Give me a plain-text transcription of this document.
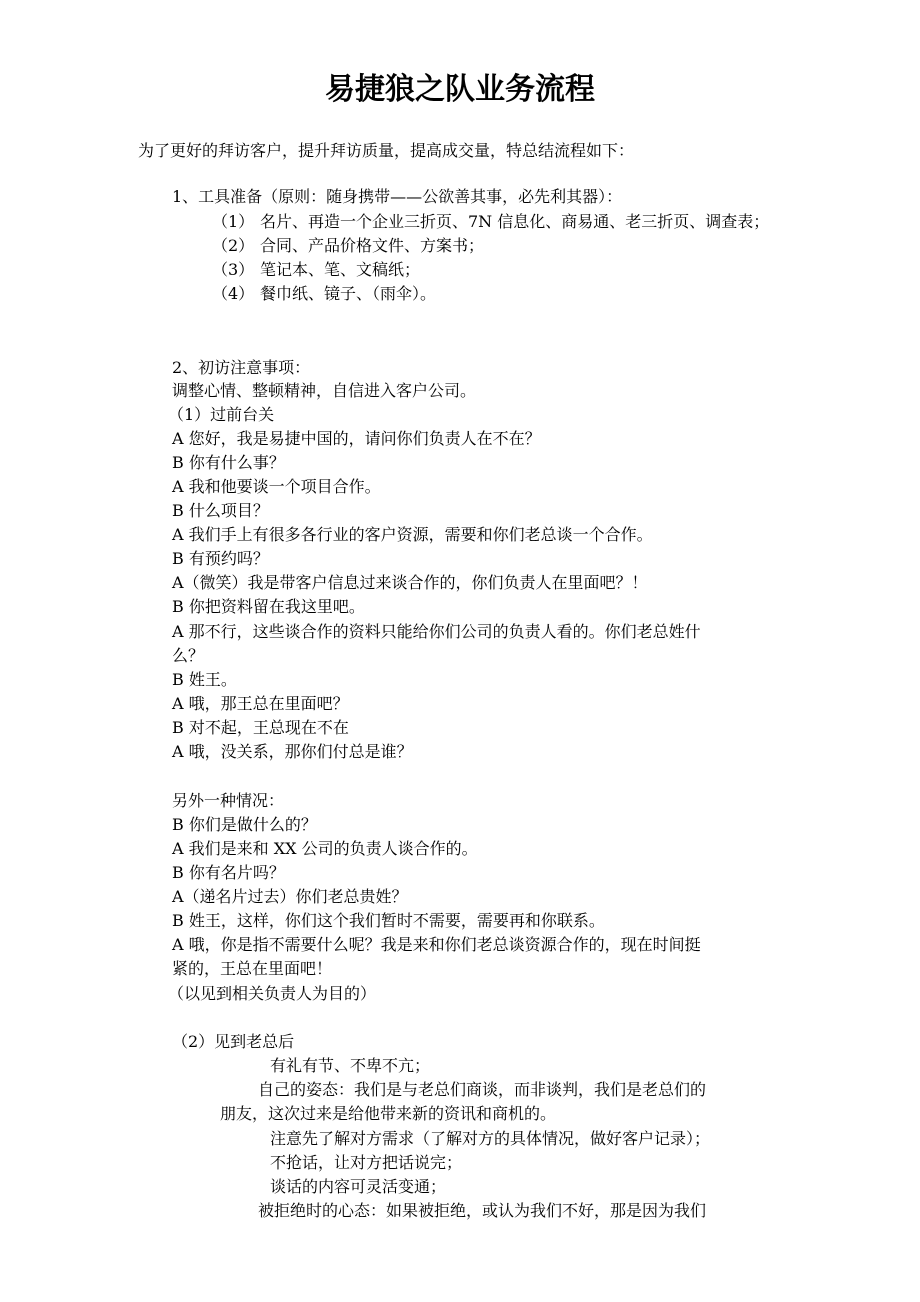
易捷狼之队业务流程

为了更好的拜访客户，提升拜访质量，提高成交量，特总结流程如下：

1、工具准备（原则：随身携带——公欲善其事，必先利其器）：

（1） 名片、再造一个企业三折页、7N 信息化、商易通、老三折页、调查表；
（2） 合同、产品价格文件、方案书；
（3） 笔记本、笔、文稿纸；
（4） 餐巾纸、镜子、（雨伞）。

2、初访注意事项：

调整心情、整顿精神，自信进入客户公司。

（1）过前台关

A 您好，我是易捷中国的，请问你们负责人在不在？

B 你有什么事？

A 我和他要谈一个项目合作。

B 什么项目？

A 我们手上有很多各行业的客户资源，需要和你们老总谈一个合作。

B 有预约吗？

A（微笑）我是带客户信息过来谈合作的，你们负责人在里面吧？！

B 你把资料留在我这里吧。

A 那不行，这些谈合作的资料只能给你们公司的负责人看的。你们老总姓什

么？

B 姓王。

A 哦，那王总在里面吧？

B 对不起，王总现在不在

A 哦，没关系，那你们付总是谁？

另外一种情况：

B 你们是做什么的？

A 我们是来和 XX 公司的负责人谈合作的。

B 你有名片吗？

A（递名片过去）你们老总贵姓？

B 姓王，这样，你们这个我们暂时不需要，需要再和你联系。

A 哦，你是指不需要什么呢？我是来和你们老总谈资源合作的，现在时间挺

紧的，王总在里面吧！

（以见到相关负责人为目的）

（2）见到老总后

有礼有节、不卑不亢；

自己的姿态：我们是与老总们商谈，而非谈判，我们是老总们的

朋友，这次过来是给他带来新的资讯和商机的。

注意先了解对方需求（了解对方的具体情况，做好客户记录）；

不抢话，让对方把话说完；

谈话的内容可灵活变通；

被拒绝时的心态：如果被拒绝，或认为我们不好，那是因为我们
